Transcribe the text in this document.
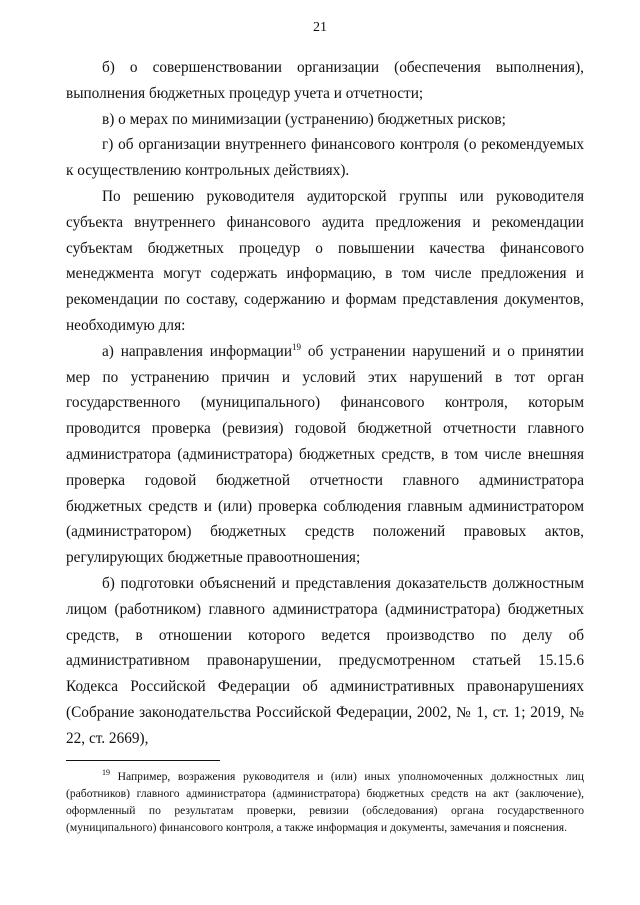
21

б) о совершенствовании организации (обеспечения выполнения), выполнения бюджетных процедур учета и отчетности;

в) о мерах по минимизации (устранению) бюджетных рисков;

г) об организации внутреннего финансового контроля (о рекомендуемых к осуществлению контрольных действиях).

По решению руководителя аудиторской группы или руководителя субъекта внутреннего финансового аудита предложения и рекомендации субъектам бюджетных процедур о повышении качества финансового менеджмента могут содержать информацию, в том числе предложения и рекомендации по составу, содержанию и формам представления документов, необходимую для:

а) направления информации$^{19}$ об устранении нарушений и о принятии мер по устранению причин и условий этих нарушений в тот орган государственного (муниципального) финансового контроля, которым проводится проверка (ревизия) годовой бюджетной отчетности главного администратора (администратора) бюджетных средств, в том числе внешняя проверка годовой бюджетной отчетности главного администратора бюджетных средств и (или) проверка соблюдения главным администратором (администратором) бюджетных средств положений правовых актов, регулирующих бюджетные правоотношения;

б) подготовки объяснений и представления доказательств должностным лицом (работником) главного администратора (администратора) бюджетных средств, в отношении которого ведется производство по делу об административном правонарушении, предусмотренном статьей 15.15.6 Кодекса Российской Федерации об административных правонарушениях (Собрание законодательства Российской Федерации, 2002, № 1, ст. 1; 2019, № 22, ст. 2669),

$^{19}$ Например, возражения руководителя и (или) иных уполномоченных должностных лиц (работников) главного администратора (администратора) бюджетных средств на акт (заключение), оформленный по результатам проверки, ревизии (обследования) органа государственного (муниципального) финансового контроля, а также информация и документы, замечания и пояснения.
